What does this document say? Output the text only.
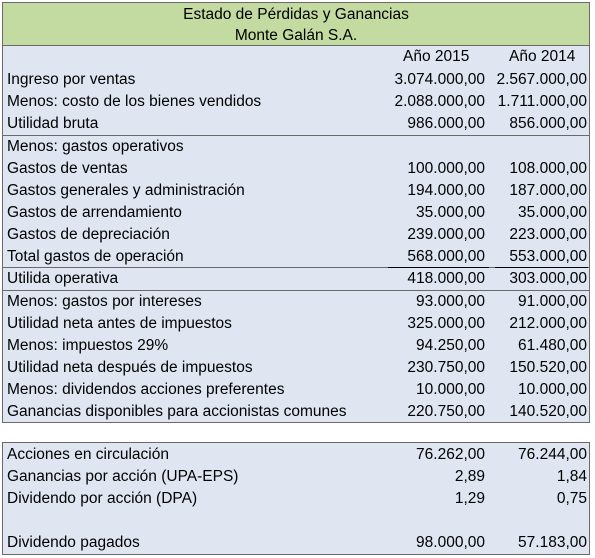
Estado de Pérdidas y Ganancias
Monte Galán S.A.
Año 2015	Año 2014
Ingreso por ventas	3.074.000,00 2.567.000,00
Menos: costo de los bienes vendidos	2.088.000,00 1.711.000,00
Utilidad bruta	986.000,00 856.000,00
Menos: gastos operativos
Gastos de ventas	100.000,00 108.000,00
Gastos generales y administración	194.000,00 187.000,00
Gastos de arrendamiento	35.000,00 35.000,00
Gastos de depreciación	239.000,00 223.000,00
Total gastos de operación	568.000,00 553.000,00
Utilida operativa	418.000,00 303.000,00
Menos: gastos por intereses	93.000,00 91.000,00
Utilidad neta antes de impuestos	325.000,00 212.000,00
Menos: impuestos 29%	94.250,00 61.480,00
Utilidad neta después de impuestos	230.750,00 150.520,00
Menos: dividendos acciones preferentes	10.000,00 10.000,00
Ganancias disponibles para accionistas comunes	220.750,00 140.520,00
Acciones en circulación	76.262,00 76.244,00
Ganancias por acción (UPA-EPS)	2,89	1,84
Dividendo por acción (DPA)	1,29	0,75
Dividendo pagados	98.000,00 57.183,00
